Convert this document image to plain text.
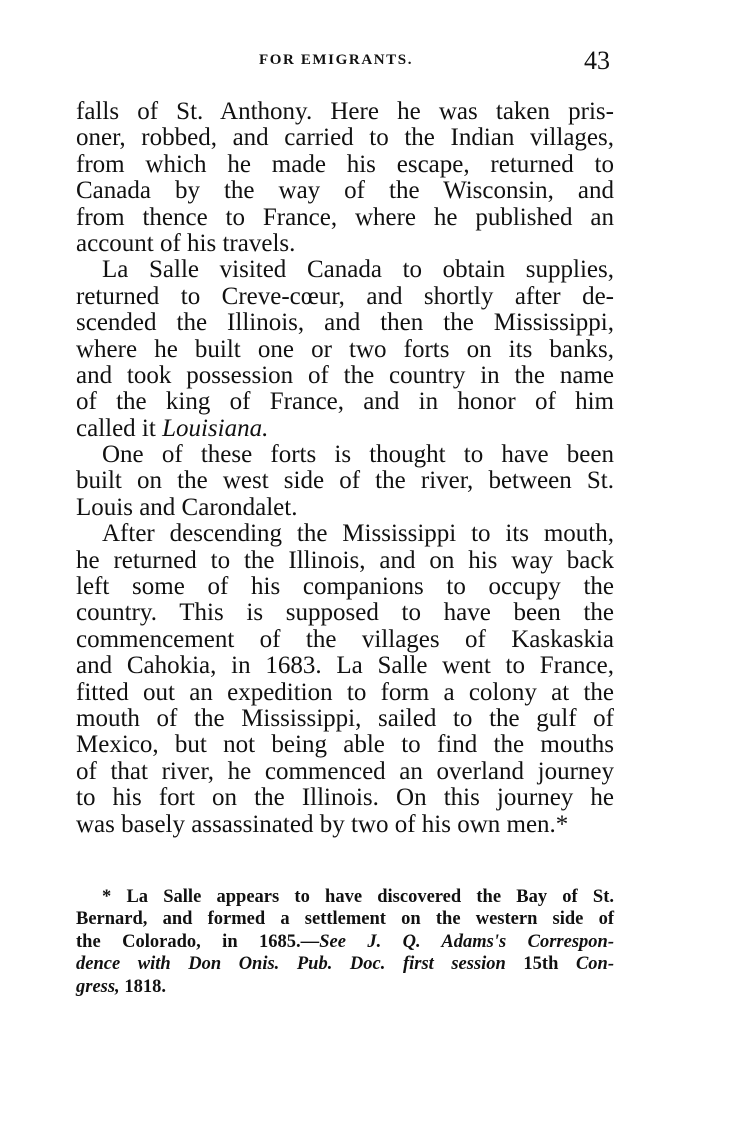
FOR EMIGRANTS.	43
falls of St. Anthony. Here he was taken pris-
oner, robbed, and carried to the Indian villages,
from which he made his escape, returned to
Canada by the way of the Wisconsin, and
from thence to France, where he published an
account of his travels.
La Salle visited Canada to obtain supplies,
returned to Creve-cœur, and shortly after de-
scended the Illinois, and then the Mississippi,
where he built one or two forts on its banks,
and took possession of the country in the name
of the king of France, and in honor of him
called it Louisiana.
One of these forts is thought to have been
built on the west side of the river, between St.
Louis and Carondalet.
After descending the Mississippi to its mouth,
he returned to the Illinois, and on his way back
left some of his companions to occupy the
country. This is supposed to have been the
commencement of the villages of Kaskaskia
and Cahokia, in 1683. La Salle went to France,
fitted out an expedition to form a colony at the
mouth of the Mississippi, sailed to the gulf of
Mexico, but not being able to find the mouths
of that river, he commenced an overland journey
to his fort on the Illinois. On this journey he
was basely assassinated by two of his own men.*
* La Salle appears to have discovered the Bay of St.
Bernard, and formed a settlement on the western side of
the Colorado, in 1685.—See J. Q. Adams's Correspon-
dence with Don Onis. Pub. Doc. first session 15th Con-
gress, 1818.
